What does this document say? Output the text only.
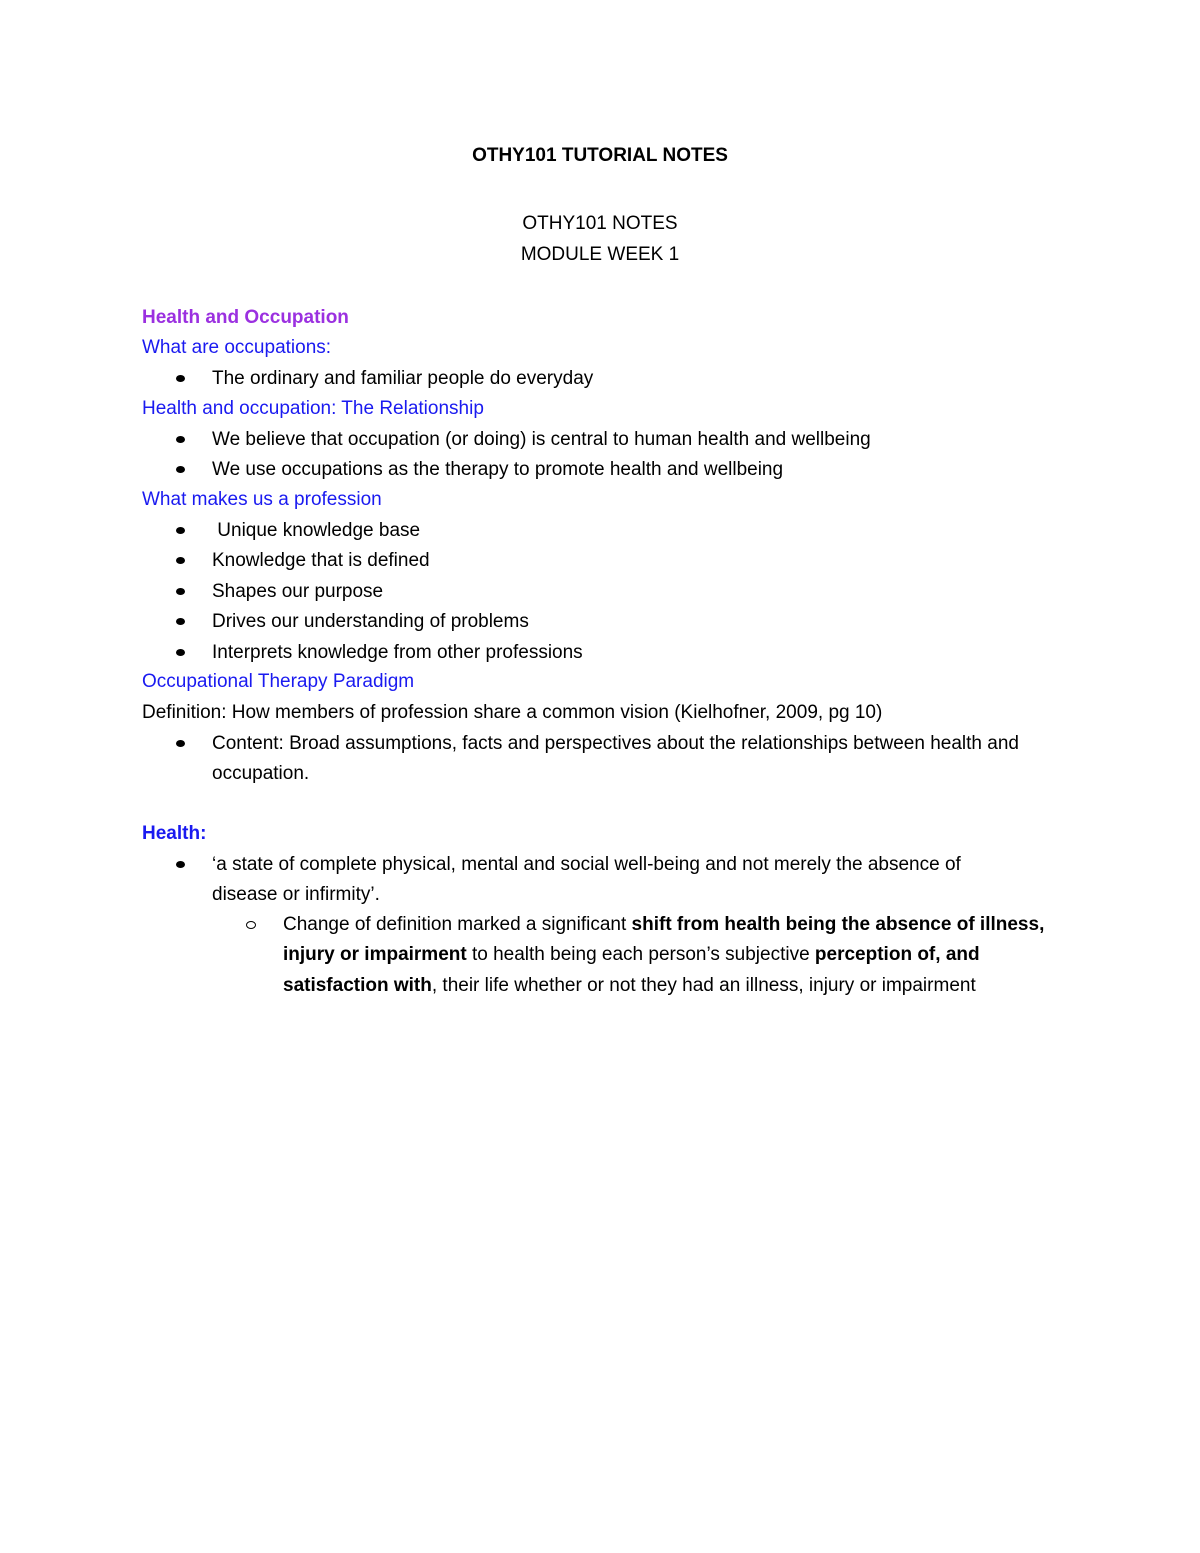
OTHY101 TUTORIAL NOTES
OTHY101 NOTES
MODULE WEEK 1
Health and Occupation
What are occupations:
The ordinary and familiar people do everyday
Health and occupation: The Relationship
We believe that occupation (or doing) is central to human health and wellbeing
We use occupations as the therapy to promote health and wellbeing
What makes us a profession
Unique knowledge base
Knowledge that is defined
Shapes our purpose
Drives our understanding of problems
Interprets knowledge from other professions
Occupational Therapy Paradigm
Definition: How members of profession share a common vision (Kielhofner, 2009, pg 10)
Content: Broad assumptions, facts and perspectives about the relationships between health and
occupation.
Health:
‘a state of complete physical, mental and social well-being and not merely the absence of
disease or infirmity’.
Change of definition marked a significant shift from health being the absence of illness,
injury or impairment to health being each person’s subjective perception of, and
satisfaction with, their life whether or not they had an illness, injury or impairment
